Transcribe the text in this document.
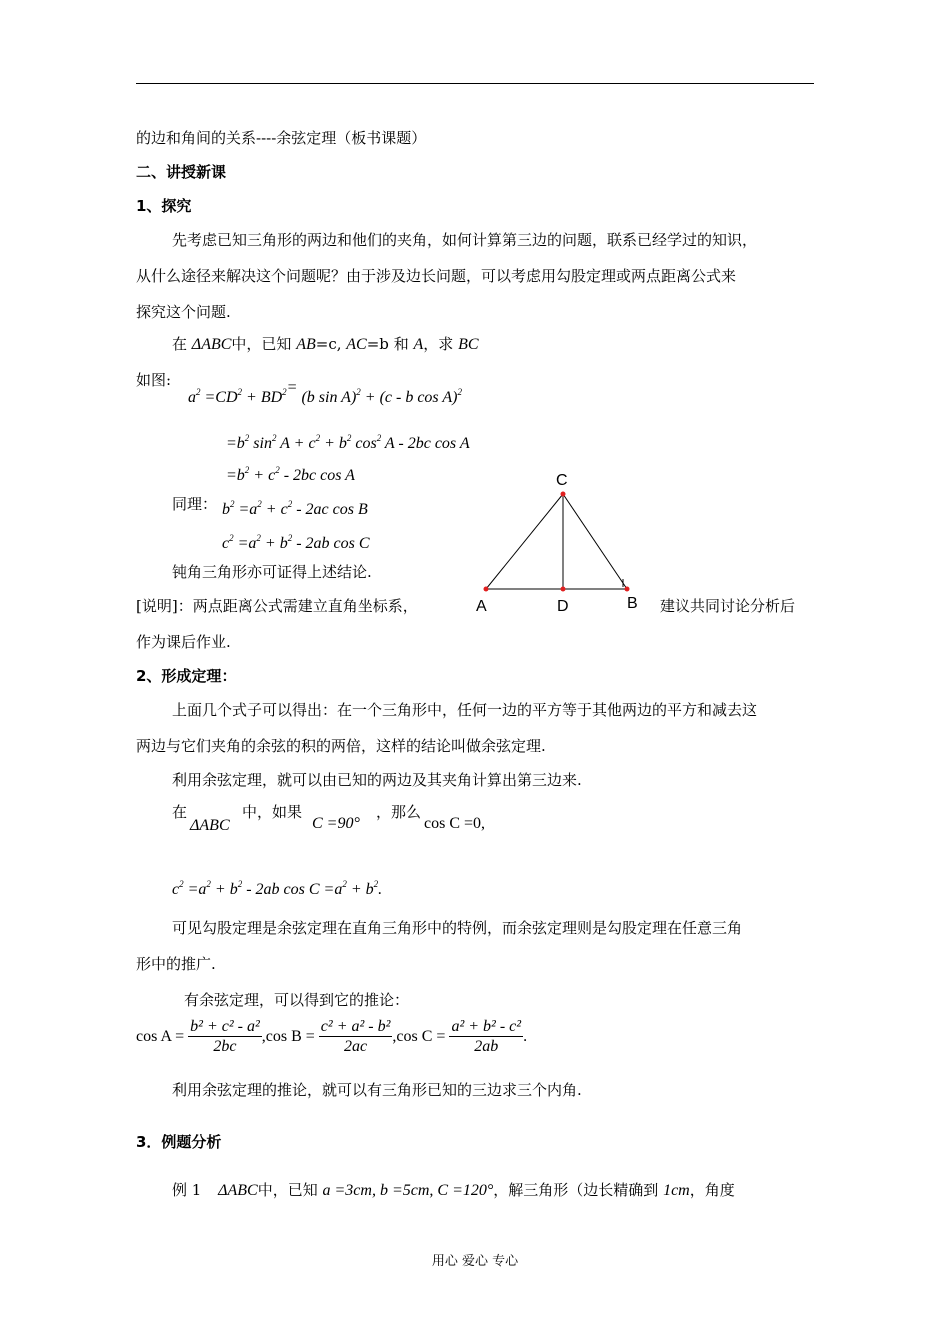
的边和角间的关系----余弦定理（板书课题）
二、讲授新课
1、探究
先考虑已知三角形的两边和他们的夹角，如何计算第三边的问题，联系已经学过的知识，
从什么途径来解决这个问题呢？由于涉及边长问题，可以考虑用勾股定理或两点距离公式来
探究这个问题.
在 ΔABC中，已知 AB=c, AC=b 和 A，求 BC
如图:
$a^2 =CD^2 + BD^2= (b$ sin A)$^2$ + (c - b cos A)$^2$
$=b^2$ $\sin^2 A + c^2 + b^2$ $\cos^2 A - 2bc$ cos A
$=b^2 + c^2 - 2bc$ cos A
同理： $b^2 =a^2 + c^2 - 2ac$ cos B
$c^2 =a^2 + b^2 - 2ab$ cos C
钝角三角形亦可证得上述结论.
[说明]：两点距离公式需建立直角坐标系，	建议共同讨论分析后
作为课后作业.
C
A	D	B
2、形成定理：
上面几个式子可以得出：在一个三角形中，任何一边的平方等于其他两边的平方和减去这
两边与它们夹角的余弦的积的两倍，这样的结论叫做余弦定理.
利用余弦定理，就可以由已知的两边及其夹角计算出第三边来.
在
ΔABC
中，如果
C =90°
，那么
cos C =0,
$c^2 =a^2 + b^2 - 2ab$ $\cos C =a^2 + b^2$.
可见勾股定理是余弦定理在直角三角形中的特例，而余弦定理则是勾股定理在任意三角
形中的推广.
有余弦定理，可以得到它的推论：
$\cos A = \frac{\text{b² + c² - a²}}{2bc} ,\cos$ $B = \frac{\text{c² + a² - b²}}{2ac} ,\cos$ $C = \frac{\text{a² + b² - c²}}{2ab}$ .
利用余弦定理的推论，就可以有三角形已知的三边求三个内角.
3．例题分析
例 1 ΔABC中，已知 a =3cm, b =5cm, C =120°，解三角形（边长精确到 1cm，角度
用心 爱心 专心
